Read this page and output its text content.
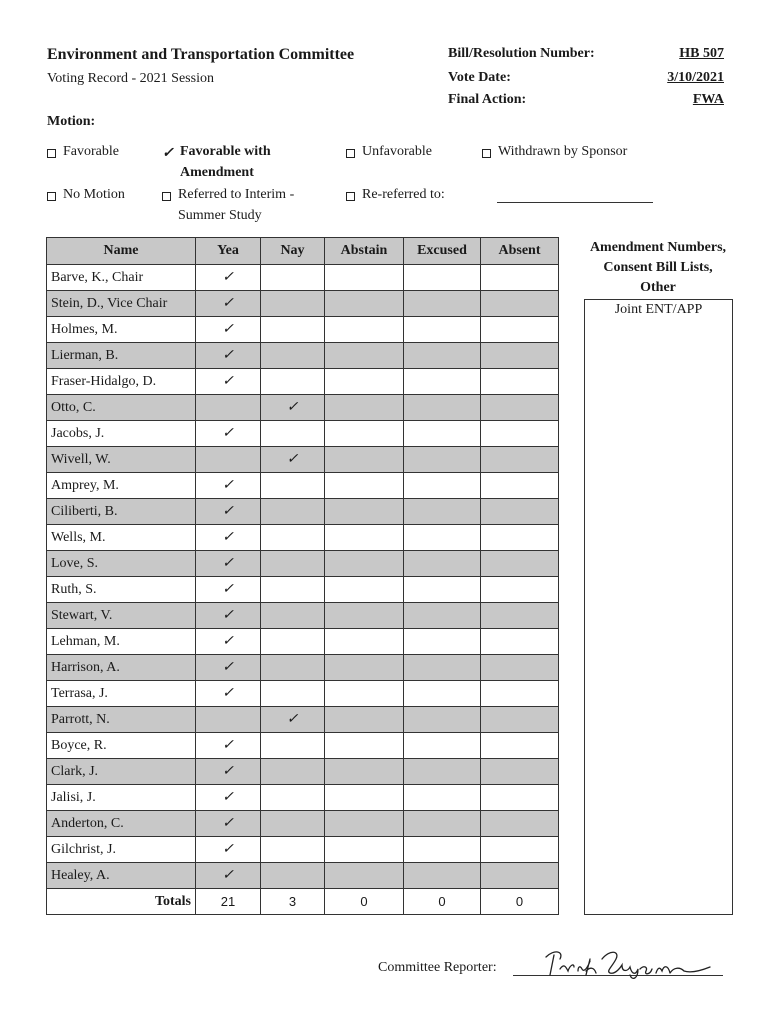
Environment and Transportation Committee
Voting Record - 2021 Session
Bill/Resolution Number:	HB 507
Vote Date:	3/10/2021
Final Action:	FWA
Motion:
Favorable	✓ Favorable with Amendment
Unfavorable	Withdrawn by Sponsor
No Motion	Referred to Interim - Summer Study
Re-referred to:
Name	Yea	Nay	Abstain	Excused	Absent
Barve, K., Chair	✓				
Stein, D., Vice Chair	✓				
Holmes, M.	✓				
Lierman, B.	✓				
Fraser-Hidalgo, D.	✓				
Otto, C.		✓			
Jacobs, J.	✓				
Wivell, W.		✓			
Amprey, M.	✓				
Ciliberti, B.	✓				
Wells, M.	✓				
Love, S.	✓				
Ruth, S.	✓				
Stewart, V.	✓				
Lehman, M.	✓				
Harrison, A.	✓				
Terrasa, J.	✓				
Parrott, N.		✓			
Boyce, R.	✓				
Clark, J.	✓				
Jalisi, J.	✓				
Anderton, C.	✓				
Gilchrist, J.	✓				
Healey, A.	✓				
Totals	21	3	0	0	0
Amendment Numbers, Consent Bill Lists, Other
Joint ENT/APP
Committee Reporter:
